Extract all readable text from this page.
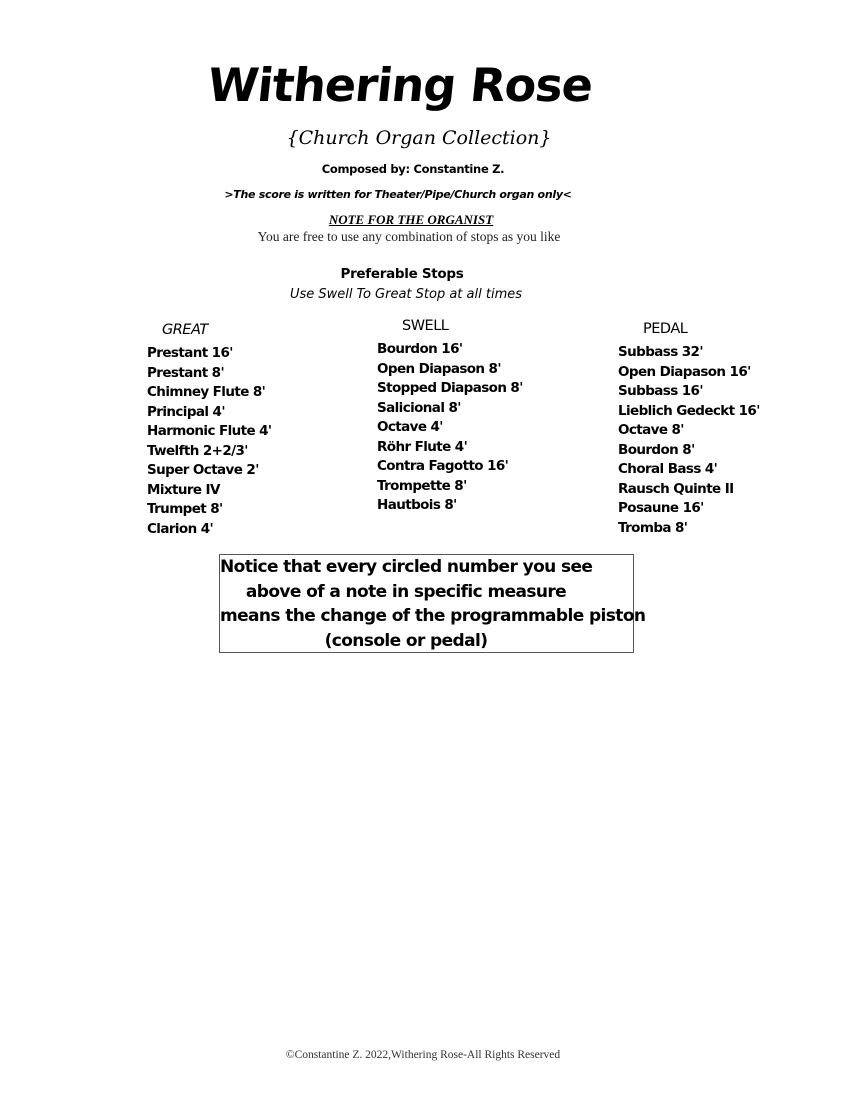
Withering Rose
{Church Organ Collection}
Composed by: Constantine Z.
>The score is written for Theater/Pipe/Church organ only<
NOTE FOR THE ORGANIST
You are free to use any combination of stops as you like
Preferable Stops
Use Swell To Great Stop at all times
GREAT
Prestant 16'
Prestant 8'
Chimney Flute 8'
Principal 4'
Harmonic Flute 4'
Twelfth 2+2/3'
Super Octave 2'
Mixture IV
Trumpet 8'
Clarion 4'
SWELL
Bourdon 16'
Open Diapason 8'
Stopped Diapason 8'
Salicional 8'
Octave 4'
Röhr Flute 4'
Contra Fagotto 16'
Trompette 8'
Hautbois 8'
PEDAL
Subbass 32'
Open Diapason 16'
Subbass 16'
Lieblich Gedeckt 16'
Octave 8'
Bourdon 8'
Choral Bass 4'
Rausch Quinte II
Posaune 16'
Tromba 8'
Notice that every circled number you see
above of a note in specific measure
means the change of the programmable piston
(console or pedal)
©Constantine Z. 2022,Withering Rose-All Rights Reserved
